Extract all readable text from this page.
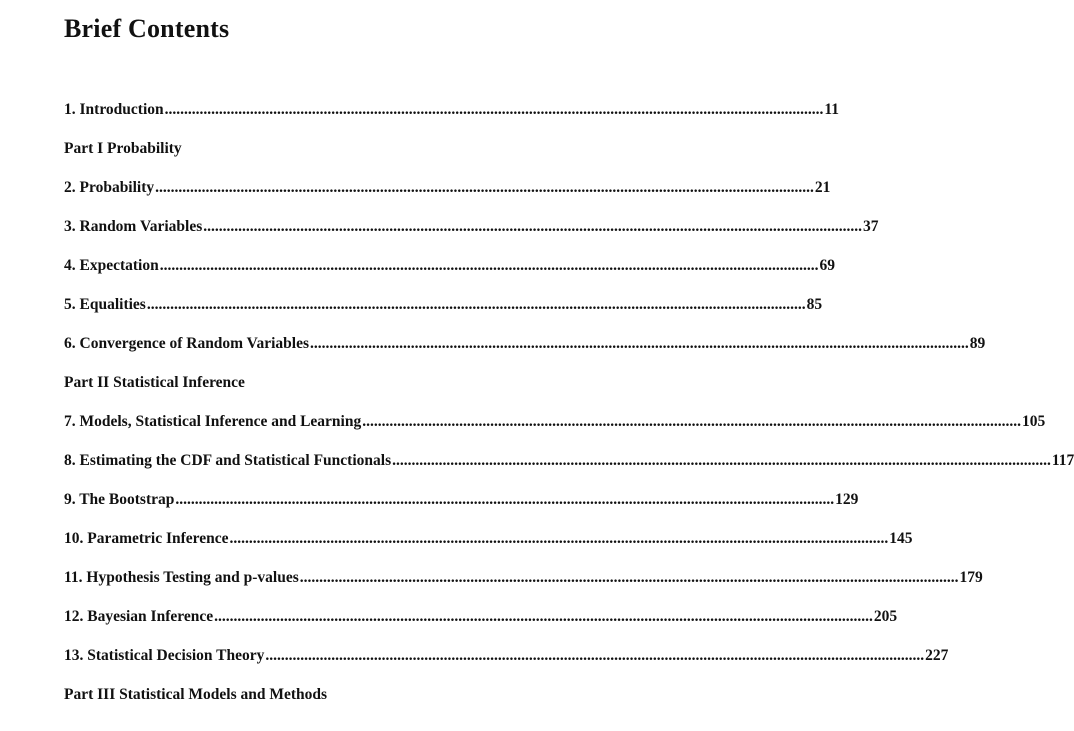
Brief Contents
1. Introduction .......................................................................................................................................................................... 11
Part I Probability
2. Probability .......................................................................................................................................................................... 21
3. Random Variables .......................................................................................................................................................................... 37
4. Expectation .......................................................................................................................................................................... 69
5. Equalities .......................................................................................................................................................................... 85
6. Convergence of Random Variables .......................................................................................................................................................................... 89
Part II Statistical Inference
7. Models, Statistical Inference and Learning .......................................................................................................................................................................... 105
8. Estimating the CDF and Statistical Functionals .......................................................................................................................................................................... 117
9. The Bootstrap .......................................................................................................................................................................... 129
10. Parametric Inference .......................................................................................................................................................................... 145
11. Hypothesis Testing and p-values .......................................................................................................................................................................... 179
12. Bayesian Inference .......................................................................................................................................................................... 205
13. Statistical Decision Theory .......................................................................................................................................................................... 227
Part III Statistical Models and Methods
